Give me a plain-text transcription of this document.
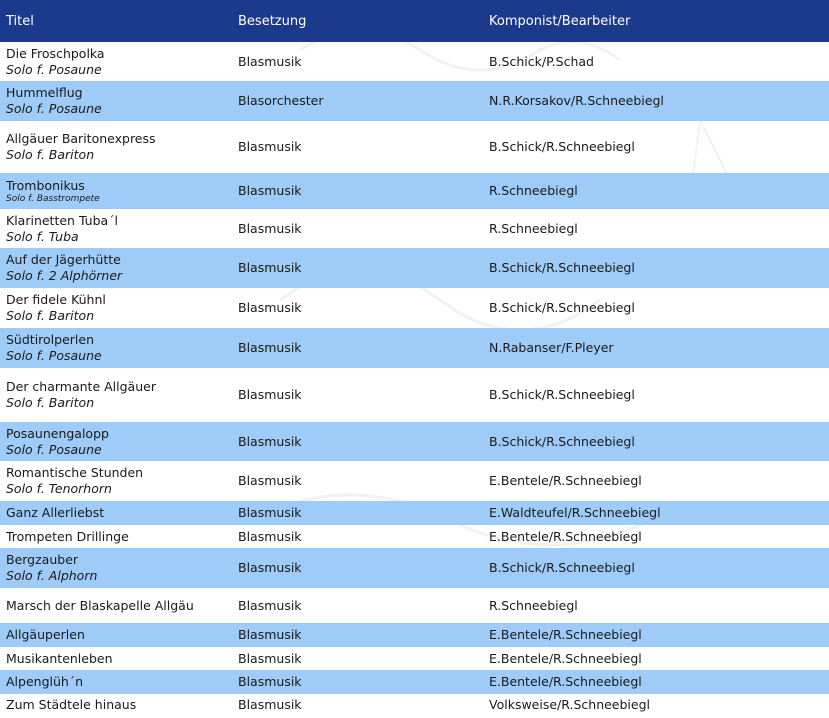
Titel	Besetzung	Komponist/Bearbeiter

Die Froschpolka
Solo f. Posaune	Blasmusik	B.Schick/P.Schad

Hummelflug
Solo f. Posaune	Blasorchester	N.R.Korsakov/R.Schneebiegl

Allgäuer Baritonexpress
Solo f. Bariton	Blasmusik	B.Schick/R.Schneebiegl

Trombonikus
Solo f. Basstrompete	Blasmusik	R.Schneebiegl

Klarinetten Tuba´l
Solo f. Tuba	Blasmusik	R.Schneebiegl

Auf der Jägerhütte
Solo f. 2 Alphörner	Blasmusik	B.Schick/R.Schneebiegl

Der fidele Kühnl
Solo f. Bariton	Blasmusik	B.Schick/R.Schneebiegl

Südtirolperlen
Solo f. Posaune	Blasmusik	N.Rabanser/F.Pleyer

Der charmante Allgäuer
Solo f. Bariton	Blasmusik	B.Schick/R.Schneebiegl

Posaunengalopp
Solo f. Posaune	Blasmusik	B.Schick/R.Schneebiegl

Romantische Stunden
Solo f. Tenorhorn	Blasmusik	E.Bentele/R.Schneebiegl

Ganz Allerliebst	Blasmusik	E.Waldteufel/R.Schneebiegl

Trompeten Drillinge	Blasmusik	E.Bentele/R.Schneebiegl

Bergzauber
Solo f. Alphorn	Blasmusik	B.Schick/R.Schneebiegl

Marsch der Blaskapelle Allgäu	Blasmusik	R.Schneebiegl

Allgäuperlen	Blasmusik	E.Bentele/R.Schneebiegl

Musikantenleben	Blasmusik	E.Bentele/R.Schneebiegl

Alpenglüh´n	Blasmusik	E.Bentele/R.Schneebiegl

Zum Städtele hinaus	Blasmusik	Volksweise/R.Schneebiegl
